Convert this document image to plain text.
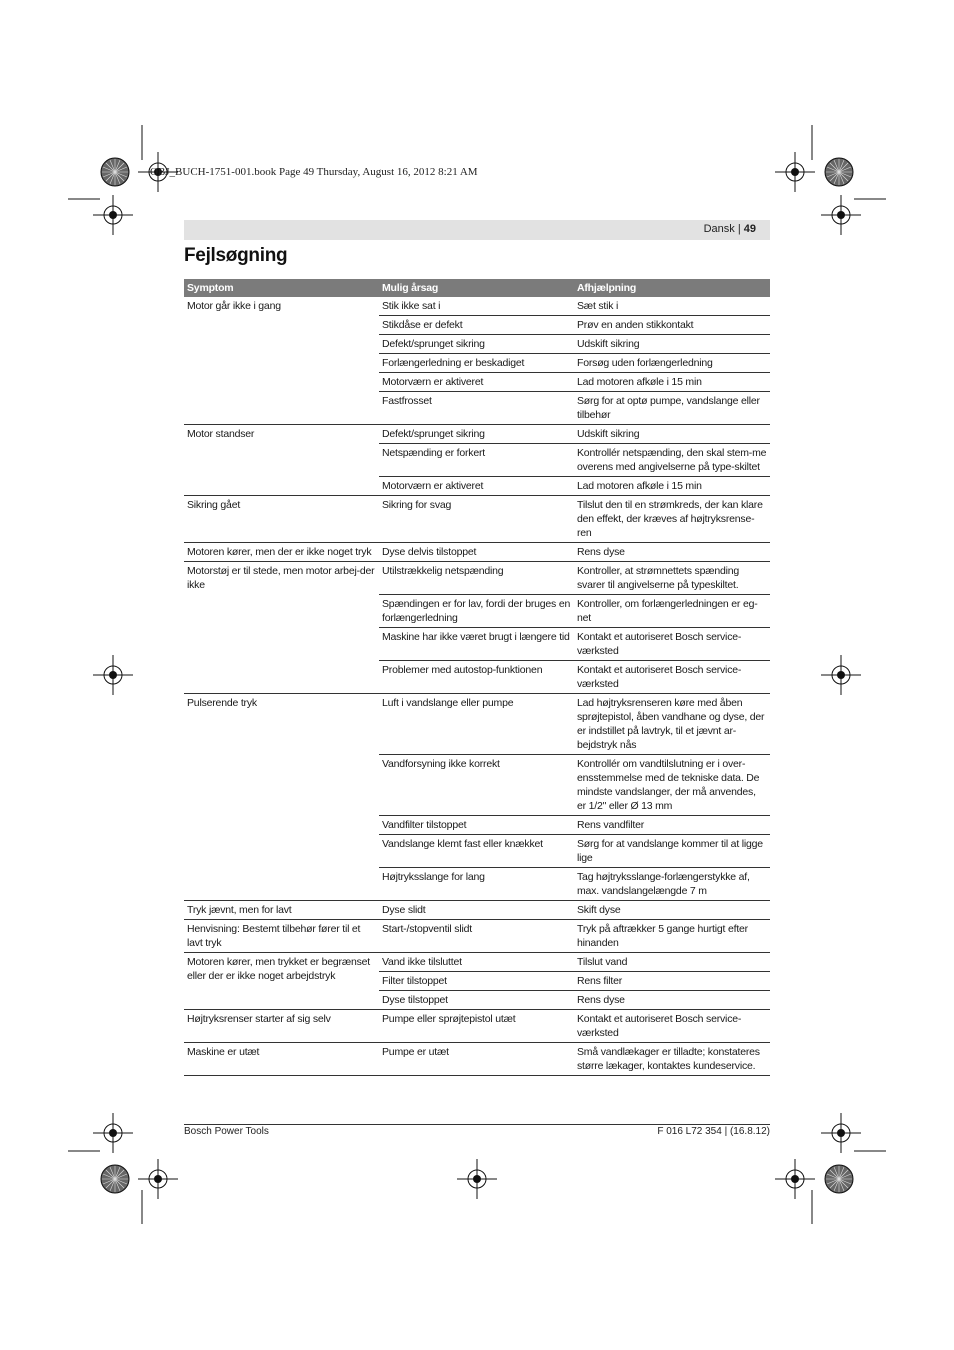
OBJ_BUCH-1751-001.book Page 49 Thursday, August 16, 2012 8:21 AM
Dansk | 49
Fejlsøgning
Symptom	Mulig årsag	Afhjælpning
Motor går ikke i gang	Stik ikke sat i	Sæt stik i
	Stikdåse er defekt	Prøv en anden stikkontakt
	Defekt/sprunget sikring	Udskift sikring
	Forlængerledning er beskadiget	Forsøg uden forlængerledning
	Motorværn er aktiveret	Lad motoren afkøle i 15 min
	Fastfrosset	Sørg for at optø pumpe, vandslange eller tilbehør
Motor standser	Defekt/sprunget sikring	Udskift sikring
	Netspænding er forkert	Kontrollér netspænding, den skal stem-me overens med angivelserne på type-skiltet
	Motorværn er aktiveret	Lad motoren afkøle i 15 min
Sikring gået	Sikring for svag	Tilslut den til en strømkreds, der kan klare den effekt, der kræves af højtryksrense-ren
Motoren kører, men der er ikke noget tryk	Dyse delvis tilstoppet	Rens dyse
Motorstøj er til stede, men motor arbej-der ikke	Utilstrækkelig netspænding	Kontroller, at strømnettets spænding svarer til angivelserne på typeskiltet.
	Spændingen er for lav, fordi der bruges en forlængerledning	Kontroller, om forlængerledningen er eg-net
	Maskine har ikke været brugt i længere tid	Kontakt et autoriseret Bosch service-værksted
	Problemer med autostop-funktionen	Kontakt et autoriseret Bosch service-værksted
Pulserende tryk	Luft i vandslange eller pumpe	Lad højtryksrenseren køre med åben sprøjtepistol, åben vandhane og dyse, der er indstillet på lavtryk, til et jævnt ar-bejdstryk nås
	Vandforsyning ikke korrekt	Kontrollér om vandtilslutning er i over-ensstemmelse med de tekniske data. De mindste vandslanger, der må anvendes, er 1/2" eller Ø 13 mm
	Vandfilter tilstoppet	Rens vandfilter
	Vandslange klemt fast eller knækket	Sørg for at vandslange kommer til at ligge lige
	Højtryksslange for lang	Tag højtryksslange-forlængerstykke af, max. vandslangelængde 7 m
Tryk jævnt, men for lavt	Dyse slidt	Skift dyse
Henvisning: Bestemt tilbehør fører til et lavt tryk	Start-/stopventil slidt	Tryk på aftrækker 5 gange hurtigt efter hinanden
Motoren kører, men trykket er begrænset eller der er ikke noget arbejdstryk	Vand ikke tilsluttet	Tilslut vand
	Filter tilstoppet	Rens filter
	Dyse tilstoppet	Rens dyse
Højtryksrenser starter af sig selv	Pumpe eller sprøjtepistol utæt	Kontakt et autoriseret Bosch service-værksted
Maskine er utæt	Pumpe er utæt	Små vandlækager er tilladte; konstateres større lækager, kontaktes kundeservice.
Bosch Power Tools	F 016 L72 354 | (16.8.12)
